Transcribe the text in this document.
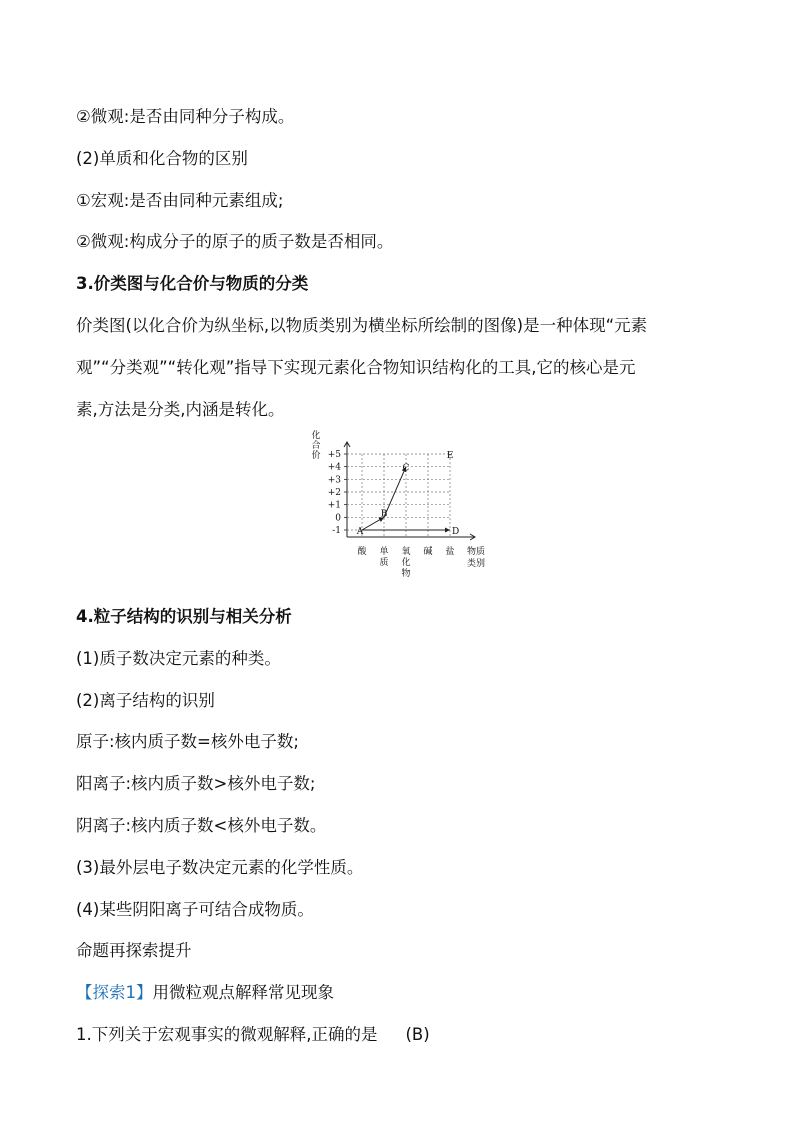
②微观:是否由同种分子构成。
(2)单质和化合物的区别
①宏观:是否由同种元素组成;
②微观:构成分子的原子的质子数是否相同。
3.价类图与化合价与物质的分类
价类图(以化合价为纵坐标,以物质类别为横坐标所绘制的图像)是一种体现“元素
观”“分类观”“转化观”指导下实现元素化合物知识结构化的工具,它的核心是元
素,方法是分类,内涵是转化。
化
合
价 +5
+4
+3
+2
+1
0
-1
酸 单
质
氧
化
物
碱 盐 物质
类别
A
B
C
D
E
4.粒子结构的识别与相关分析
(1)质子数决定元素的种类。
(2)离子结构的识别
原子:核内质子数=核外电子数;
阳离子:核内质子数>核外电子数;
阴离子:核内质子数<核外电子数。
(3)最外层电子数决定元素的化学性质。
(4)某些阴阳离子可结合成物质。
命题再探索提升
【探索1】用微粒观点解释常见现象
1.下列关于宏观事实的微观解释,正确的是 (B)
